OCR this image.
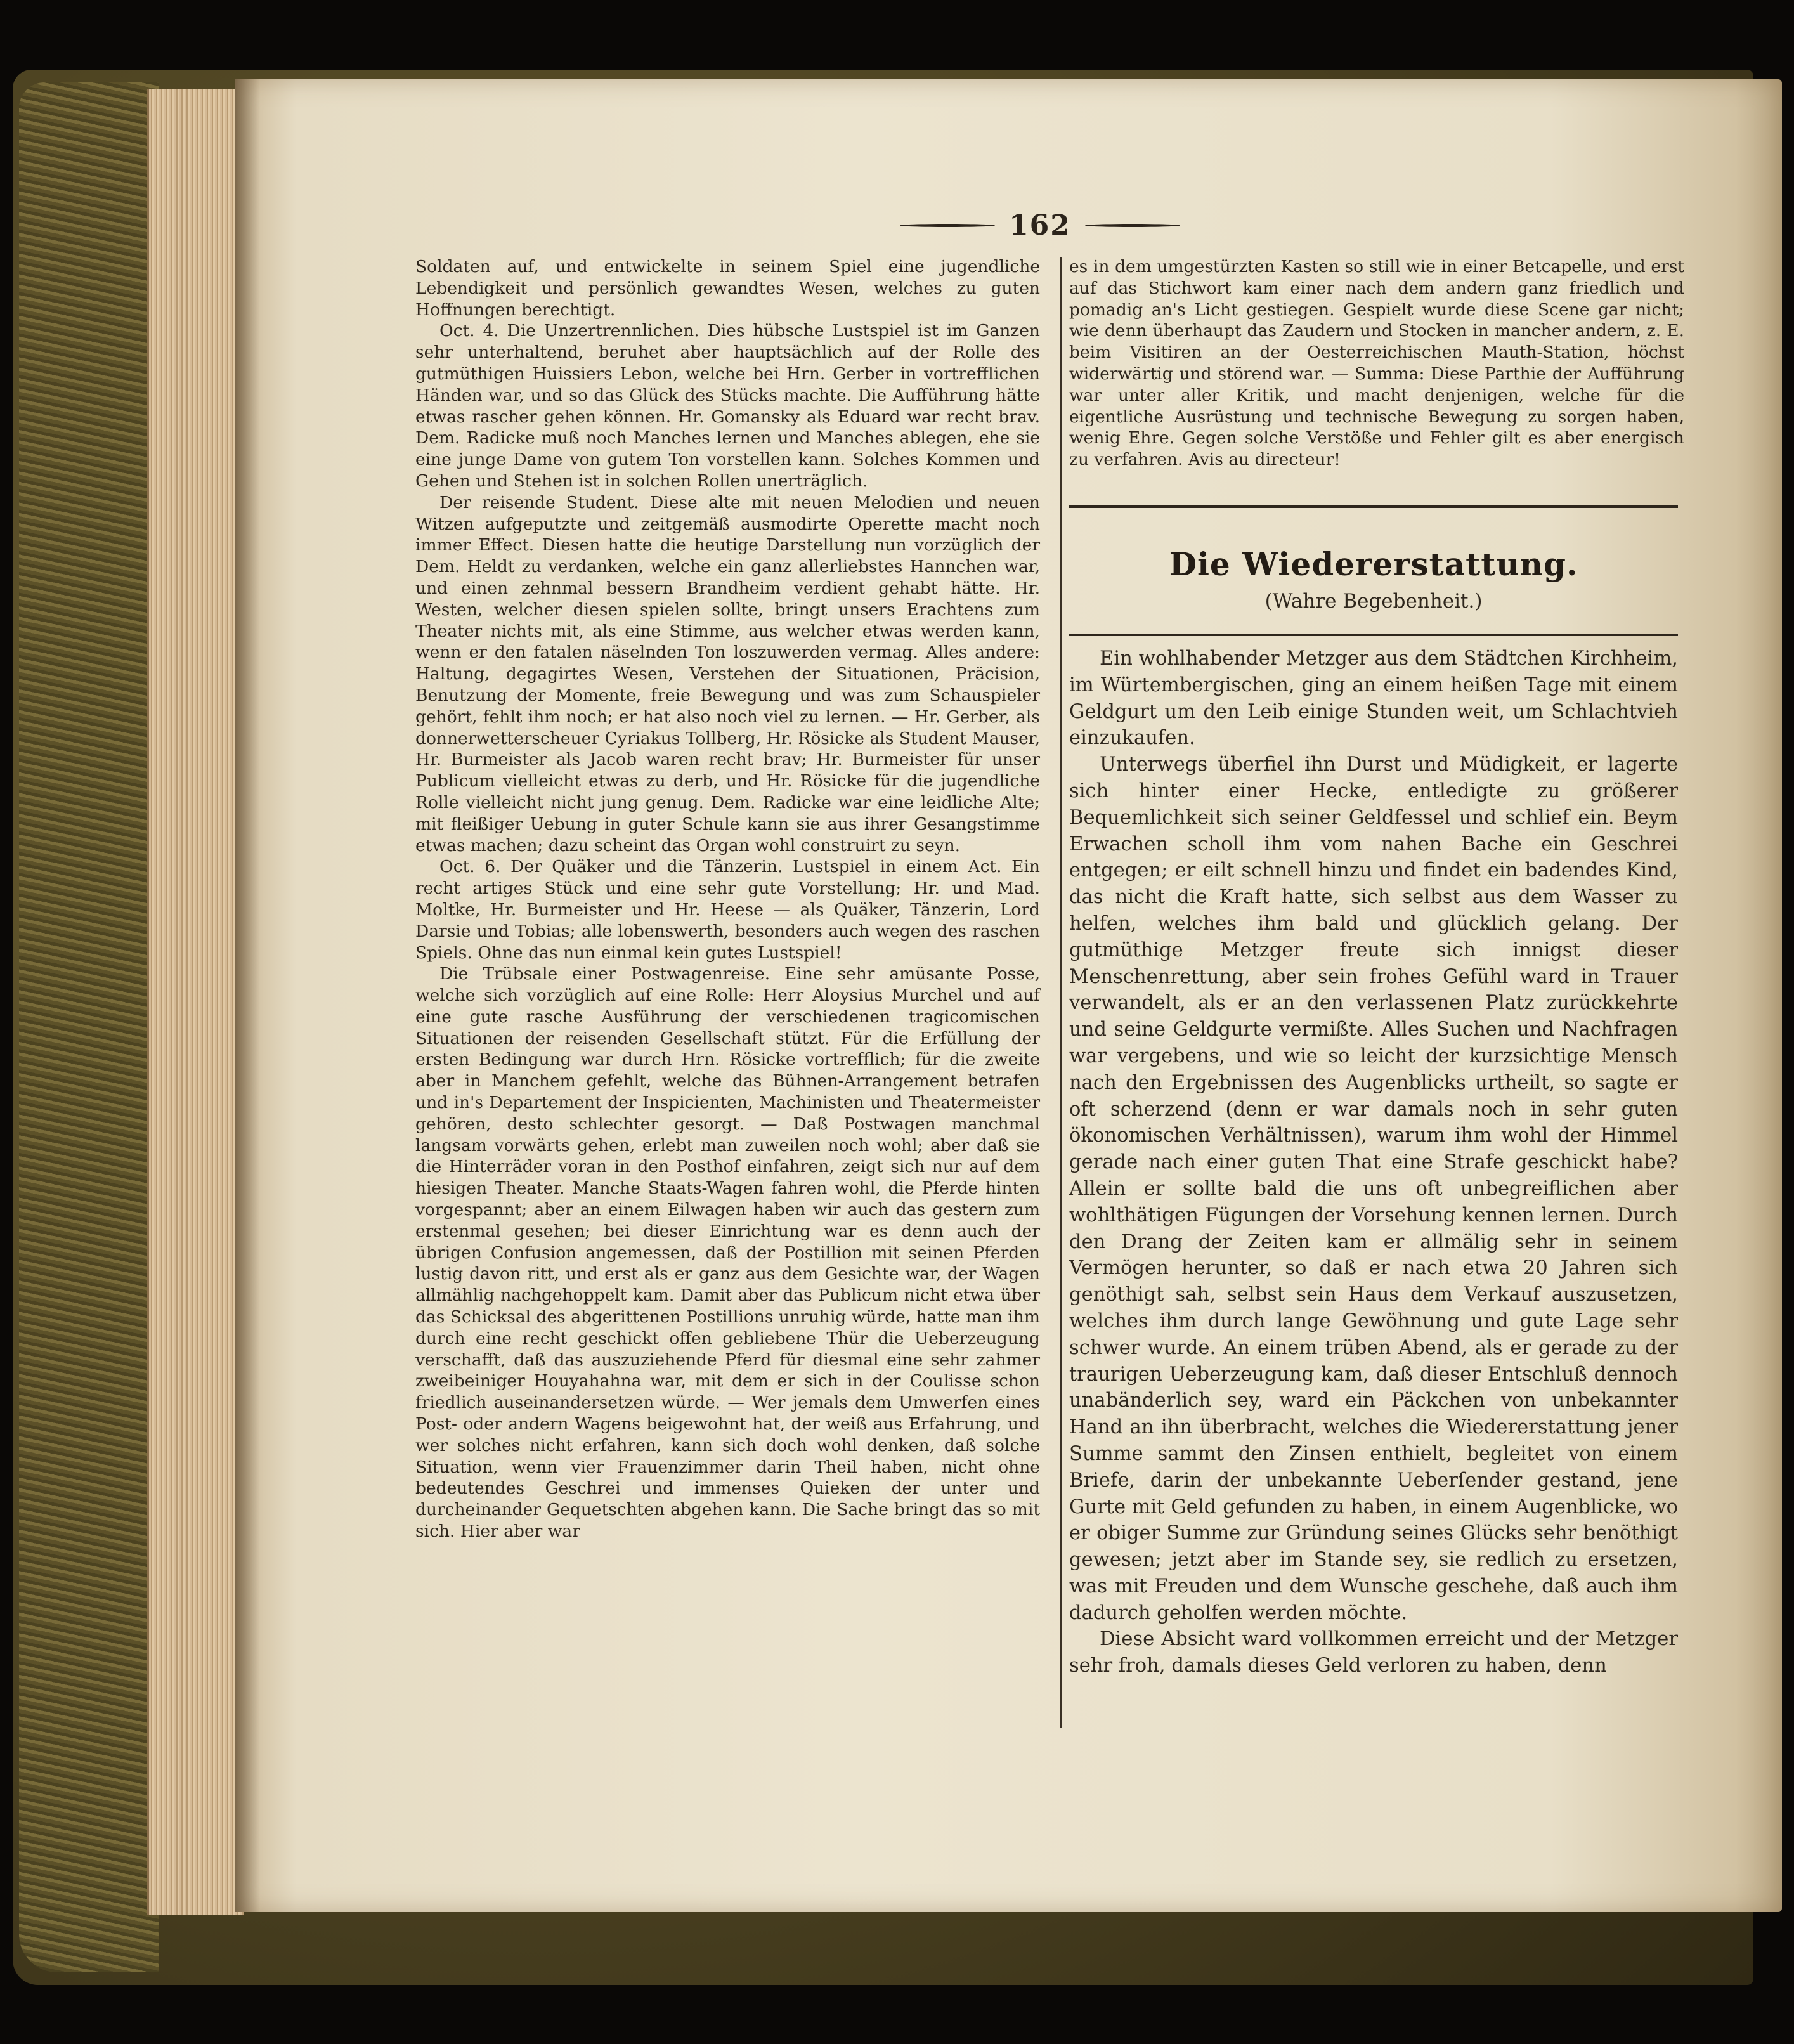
162

Soldaten auf, und entwickelte in seinem Spiel eine jugendliche Lebendigkeit und persönlich gewandtes Wesen, welches zu guten Hoffnungen berechtigt.

Oct. 4. Die Unzertrennlichen. Dies hübsche Lustspiel ist im Ganzen sehr unterhaltend, beruhet aber hauptsächlich auf der Rolle des gutmüthigen Huissiers Lebon, welche bei Hrn. Gerber in vortrefflichen Händen war, und so das Glück des Stücks machte. Die Aufführung hätte etwas rascher gehen können. Hr. Gomansky als Eduard war recht brav. Dem. Radicke muß noch Manches lernen und Manches ablegen, ehe sie eine junge Dame von gutem Ton vorstellen kann. Solches Kommen und Gehen und Stehen ist in solchen Rollen unerträglich.

Der reisende Student. Diese alte mit neuen Melodien und neuen Witzen aufgeputzte und zeitgemäß ausmodirte Operette macht noch immer Effect. Diesen hatte die heutige Darstellung nun vorzüglich der Dem. Heldt zu verdanken, welche ein ganz allerliebstes Hannchen war, und einen zehnmal bessern Brandheim verdient gehabt hätte. Hr. Westen, welcher diesen spielen sollte, bringt unsers Erachtens zum Theater nichts mit, als eine Stimme, aus welcher etwas werden kann, wenn er den fatalen näselnden Ton loszuwerden vermag. Alles andere: Haltung, degagirtes Wesen, Verstehen der Situationen, Präcision, Benutzung der Momente, freie Bewegung und was zum Schauspieler gehört, fehlt ihm noch; er hat also noch viel zu lernen. — Hr. Gerber, als donnerwetterscheuer Cyriakus Tollberg, Hr. Rösicke als Student Mauser, Hr. Burmeister als Jacob waren recht brav; Hr. Burmeister für unser Publicum vielleicht etwas zu derb, und Hr. Rösicke für die jugendliche Rolle vielleicht nicht jung genug. Dem. Radicke war eine leidliche Alte; mit fleißiger Uebung in guter Schule kann sie aus ihrer Gesangstimme etwas machen; dazu scheint das Organ wohl construirt zu seyn.

Oct. 6. Der Quäker und die Tänzerin. Lustspiel in einem Act. Ein recht artiges Stück und eine sehr gute Vorstellung; Hr. und Mad. Moltke, Hr. Burmeister und Hr. Heese — als Quäker, Tänzerin, Lord Darsie und Tobias; alle lobenswerth, besonders auch wegen des raschen Spiels. Ohne das nun einmal kein gutes Lustspiel!

Die Trübsale einer Postwagenreise. Eine sehr amüsante Posse, welche sich vorzüglich auf eine Rolle: Herr Aloysius Murchel und auf eine gute rasche Ausführung der verschiedenen tragicomischen Situationen der reisenden Gesellschaft stützt. Für die Erfüllung der ersten Bedingung war durch Hrn. Rösicke vortrefflich; für die zweite aber in Manchem gefehlt, welche das Bühnen-Arrangement betrafen und in's Departement der Inspicienten, Machinisten und Theatermeister gehören, desto schlechter gesorgt. — Daß Postwagen manchmal langsam vorwärts gehen, erlebt man zuweilen noch wohl; aber daß sie die Hinterräder voran in den Posthof einfahren, zeigt sich nur auf dem hiesigen Theater. Manche Staats-Wagen fahren wohl, die Pferde hinten vorgespannt; aber an einem Eilwagen haben wir auch das gestern zum erstenmal gesehen; bei dieser Einrichtung war es denn auch der übrigen Confusion angemessen, daß der Postillion mit seinen Pferden lustig davon ritt, und erst als er ganz aus dem Gesichte war, der Wagen allmählig nachgehoppelt kam. Damit aber das Publicum nicht etwa über das Schicksal des abgerittenen Postillions unruhig würde, hatte man ihm durch eine recht geschickt offen gebliebene Thür die Ueberzeugung verschafft, daß das auszuziehende Pferd für diesmal eine sehr zahmer zweibeiniger Houyahahna war, mit dem er sich in der Coulisse schon friedlich auseinandersetzen würde. — Wer jemals dem Umwerfen eines Post- oder andern Wagens beigewohnt hat, der weiß aus Erfahrung, und wer solches nicht erfahren, kann sich doch wohl denken, daß solche Situation, wenn vier Frauenzimmer darin Theil haben, nicht ohne bedeutendes Geschrei und immenses Quieken der unter und durcheinander Gequetschten abgehen kann. Die Sache bringt das so mit sich. Hier aber war

es in dem umgestürzten Kasten so still wie in einer Betcapelle, und erst auf das Stichwort kam einer nach dem andern ganz friedlich und pomadig an's Licht gestiegen. Gespielt wurde diese Scene gar nicht; wie denn überhaupt das Zaudern und Stocken in mancher andern, z. E. beim Visitiren an der Oesterreichischen Mauth-Station, höchst widerwärtig und störend war. — Summa: Diese Parthie der Aufführung war unter aller Kritik, und macht denjenigen, welche für die eigentliche Ausrüstung und technische Bewegung zu sorgen haben, wenig Ehre. Gegen solche Verstöße und Fehler gilt es aber energisch zu verfahren. Avis au directeur!

Die Wiedererstattung.
(Wahre Begebenheit.)

Ein wohlhabender Metzger aus dem Städtchen Kirchheim, im Würtembergischen, ging an einem heißen Tage mit einem Geldgurt um den Leib einige Stunden weit, um Schlachtvieh einzukaufen.

Unterwegs überfiel ihn Durst und Müdigkeit, er lagerte sich hinter einer Hecke, entledigte zu größerer Bequemlichkeit sich seiner Geldfessel und schlief ein. Beym Erwachen scholl ihm vom nahen Bache ein Geschrei entgegen; er eilt schnell hinzu und findet ein badendes Kind, das nicht die Kraft hatte, sich selbst aus dem Wasser zu helfen, welches ihm bald und glücklich gelang. Der gutmüthige Metzger freute sich innigst dieser Menschenrettung, aber sein frohes Gefühl ward in Trauer verwandelt, als er an den verlassenen Platz zurückkehrte und seine Geldgurte vermißte. Alles Suchen und Nachfragen war vergebens, und wie so leicht der kurzsichtige Mensch nach den Ergebnissen des Augenblicks urtheilt, so sagte er oft scherzend (denn er war damals noch in sehr guten ökonomischen Verhältnissen), warum ihm wohl der Himmel gerade nach einer guten That eine Strafe geschickt habe? Allein er sollte bald die uns oft unbegreiflichen aber wohlthätigen Fügungen der Vorsehung kennen lernen. Durch den Drang der Zeiten kam er allmälig sehr in seinem Vermögen herunter, so daß er nach etwa 20 Jahren sich genöthigt sah, selbst sein Haus dem Verkauf auszusetzen, welches ihm durch lange Gewöhnung und gute Lage sehr schwer wurde. An einem trüben Abend, als er gerade zu der traurigen Ueberzeugung kam, daß dieser Entschluß dennoch unabänderlich sey, ward ein Päckchen von unbekannter Hand an ihn überbracht, welches die Wiedererstattung jener Summe sammt den Zinsen enthielt, begleitet von einem Briefe, darin der unbekannte Ueberſender gestand, jene Gurte mit Geld gefunden zu haben, in einem Augenblicke, wo er obiger Summe zur Gründung seines Glücks sehr benöthigt gewesen; jetzt aber im Stande sey, sie redlich zu ersetzen, was mit Freuden und dem Wunsche geschehe, daß auch ihm dadurch geholfen werden möchte.

Diese Absicht ward vollkommen erreicht und der Metzger sehr froh, damals dieses Geld verloren zu haben, denn
